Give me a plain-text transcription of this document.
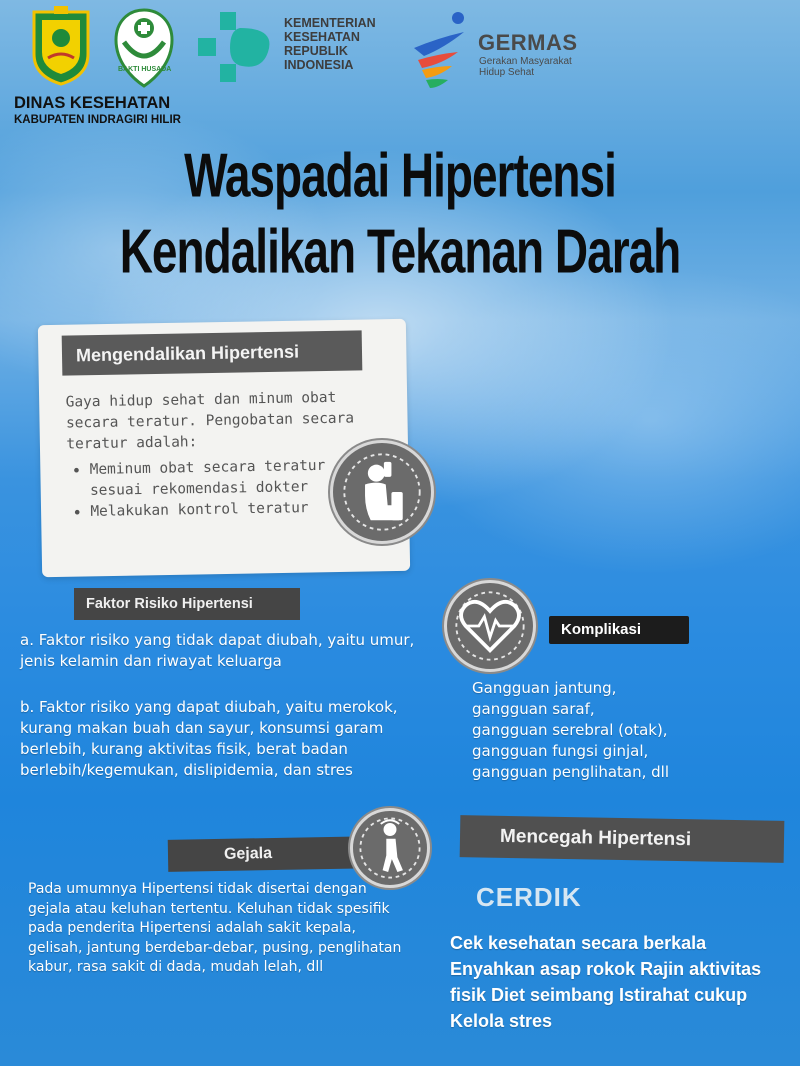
BAKTI HUSADA
KEMENTERIAN
KESEHATAN
REPUBLIK
INDONESIA
GERMAS
Gerakan Masyarakat
Hidup Sehat
DINAS KESEHATAN
KABUPATEN INDRAGIRI HILIR
Waspadai Hipertensi
Kendalikan Tekanan Darah
Mengendalikan Hipertensi
Gaya hidup sehat dan minum obat secara teratur. Pengobatan secara teratur adalah:
• Meminum obat secara teratur sesuai rekomendasi dokter
• Melakukan kontrol teratur
Faktor Risiko Hipertensi
a. Faktor risiko yang tidak dapat diubah, yaitu umur, jenis kelamin dan riwayat keluarga
b. Faktor risiko yang dapat diubah, yaitu merokok, kurang makan buah dan sayur, konsumsi garam berlebih, kurang aktivitas fisik, berat badan berlebih/kegemukan, dislipidemia, dan stres
Komplikasi
Gangguan jantung,
gangguan saraf,
gangguan serebral (otak),
gangguan fungsi ginjal,
gangguan penglihatan, dll
Gejala
Pada umumnya Hipertensi tidak disertai dengan gejala atau keluhan tertentu. Keluhan tidak spesifik pada penderita Hipertensi adalah sakit kepala, gelisah, jantung berdebar-debar, pusing, penglihatan kabur, rasa sakit di dada, mudah lelah, dll
Mencegah Hipertensi
CERDIK
Cek kesehatan secara berkala Enyahkan asap rokok Rajin aktivitas fisik Diet seimbang Istirahat cukup Kelola stres
